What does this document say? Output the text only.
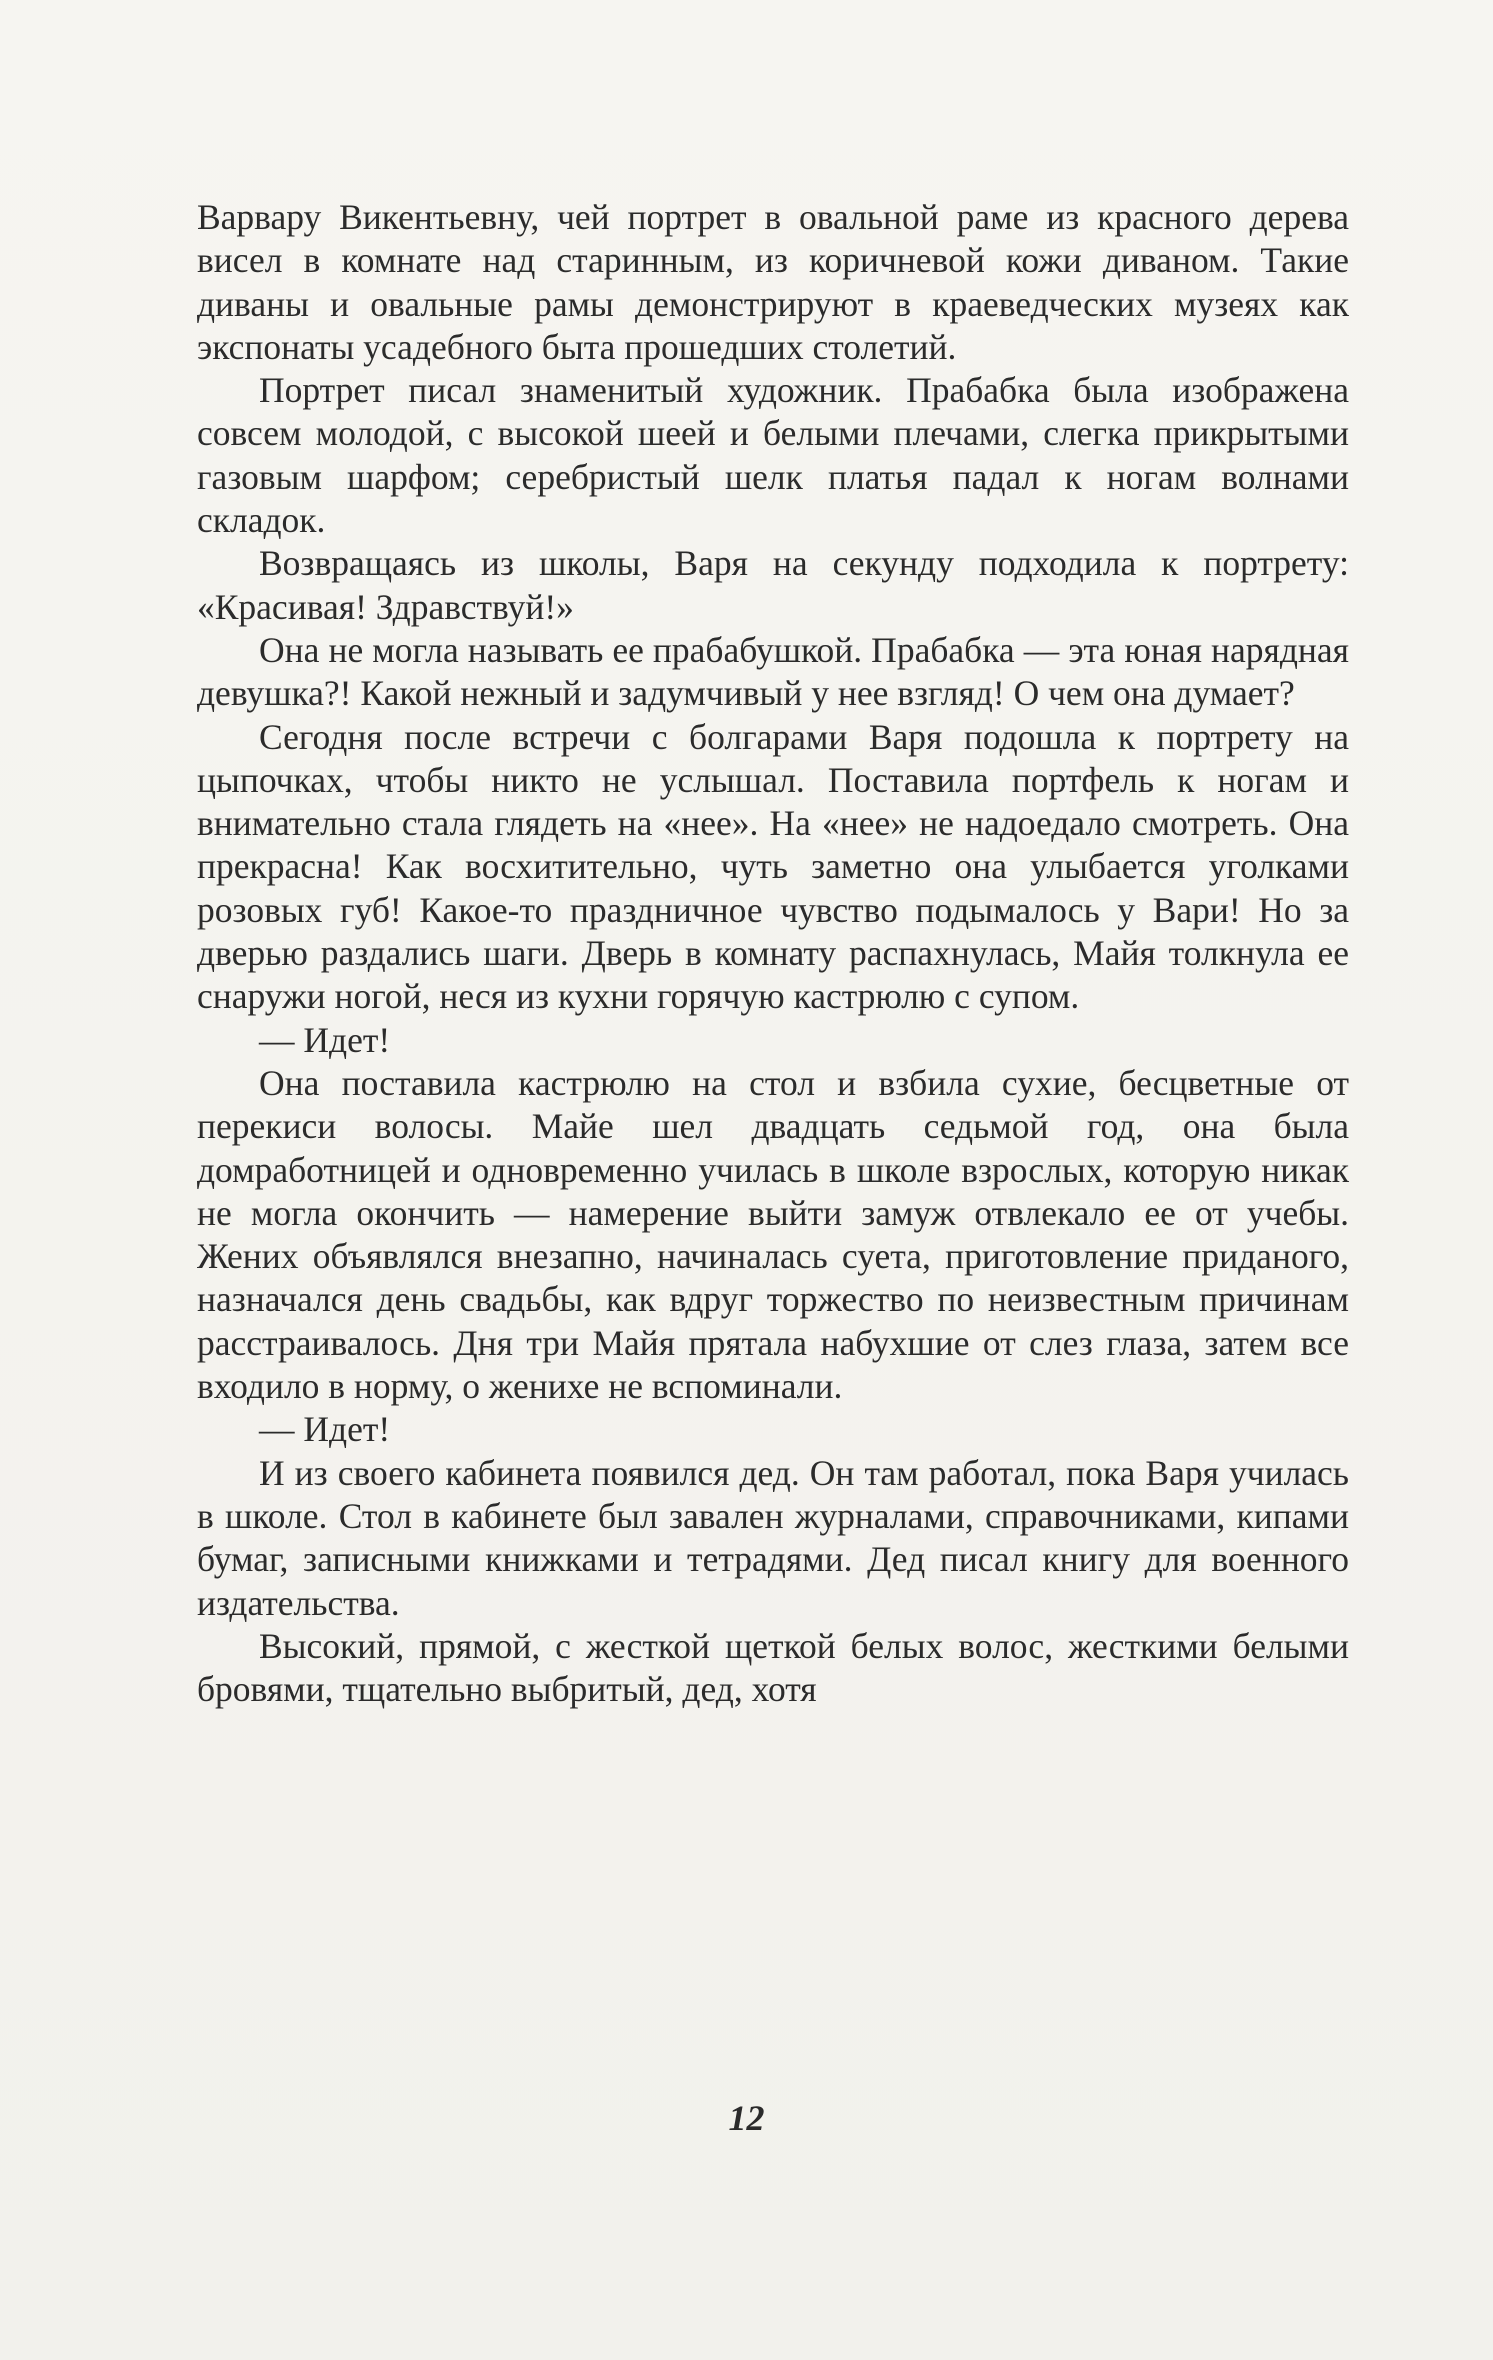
Варвару Викентьевну, чей портрет в овальной раме из красного дерева висел в комнате над старинным, из коричневой кожи диваном. Такие диваны и овальные рамы демонстрируют в краеведческих музеях как экспонаты усадебного быта прошедших столетий.

Портрет писал знаменитый художник. Прабабка была изображена совсем молодой, с высокой шеей и белыми плечами, слегка прикрытыми газовым шарфом; серебристый шелк платья падал к ногам волнами складок.

Возвращаясь из школы, Варя на секунду подходила к портрету: «Красивая! Здравствуй!»

Она не могла называть ее прабабушкой. Прабабка — эта юная нарядная девушка?! Какой нежный и задумчивый у нее взгляд! О чем она думает?

Сегодня после встречи с болгарами Варя подошла к портрету на цыпочках, чтобы никто не услышал. Поставила портфель к ногам и внимательно стала глядеть на «нее». На «нее» не надоедало смотреть. Она прекрасна! Как восхитительно, чуть заметно она улыбается уголками розовых губ! Какое-то праздничное чувство подымалось у Вари! Но за дверью раздались шаги. Дверь в комнату распахнулась, Майя толкнула ее снаружи ногой, неся из кухни горячую кастрюлю с супом.

— Идет!

Она поставила кастрюлю на стол и взбила сухие, бесцветные от перекиси волосы. Майе шел двадцать седьмой год, она была домработницей и одновременно училась в школе взрослых, которую никак не могла окончить — намерение выйти замуж отвлекало ее от учебы. Жених объявлялся внезапно, начиналась суета, приготовление приданого, назначался день свадьбы, как вдруг торжество по неизвестным причинам расстраивалось. Дня три Майя прятала набухшие от слез глаза, затем все входило в норму, о женихе не вспоминали.

— Идет!

И из своего кабинета появился дед. Он там работал, пока Варя училась в школе. Стол в кабинете был завален журналами, справочниками, кипами бумаг, записными книжками и тетрадями. Дед писал книгу для военного издательства.

Высокий, прямой, с жесткой щеткой белых волос, жесткими белыми бровями, тщательно выбритый, дед, хотя

12
